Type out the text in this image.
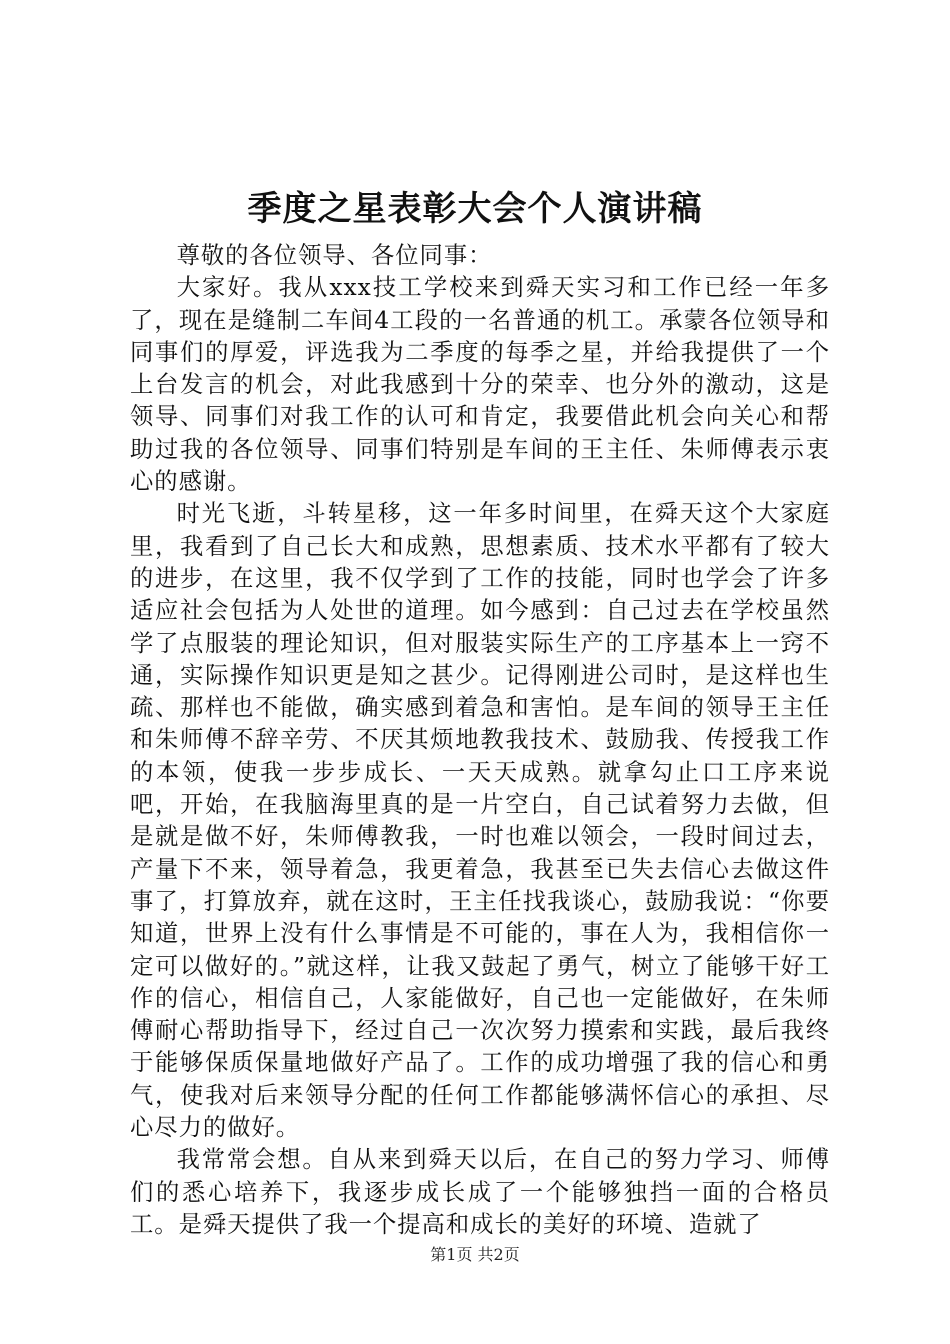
季度之星表彰大会个人演讲稿

尊敬的各位领导、各位同事：

大家好。我从xxx技工学校来到舜天实习和工作已经一年多了，现在是缝制二车间4工段的一名普通的机工。承蒙各位领导和同事们的厚爱，评选我为二季度的每季之星，并给我提供了一个上台发言的机会，对此我感到十分的荣幸、也分外的激动，这是领导、同事们对我工作的认可和肯定，我要借此机会向关心和帮助过我的各位领导、同事们特别是车间的王主任、朱师傅表示衷心的感谢。

时光飞逝，斗转星移，这一年多时间里，在舜天这个大家庭里，我看到了自己长大和成熟，思想素质、技术水平都有了较大的进步，在这里，我不仅学到了工作的技能，同时也学会了许多适应社会包括为人处世的道理。如今感到：自己过去在学校虽然学了点服装的理论知识，但对服装实际生产的工序基本上一窍不通，实际操作知识更是知之甚少。记得刚进公司时，是这样也生疏、那样也不能做，确实感到着急和害怕。是车间的领导王主任和朱师傅不辞辛劳、不厌其烦地教我技术、鼓励我、传授我工作的本领，使我一步步成长、一天天成熟。就拿勾止口工序来说吧，开始，在我脑海里真的是一片空白，自己试着努力去做，但是就是做不好，朱师傅教我，一时也难以领会，一段时间过去，产量下不来，领导着急，我更着急，我甚至已失去信心去做这件事了，打算放弃，就在这时，王主任找我谈心，鼓励我说：“你要知道，世界上没有什么事情是不可能的，事在人为，我相信你一定可以做好的。”就这样，让我又鼓起了勇气，树立了能够干好工作的信心，相信自己，人家能做好，自己也一定能做好，在朱师傅耐心帮助指导下，经过自己一次次努力摸索和实践，最后我终于能够保质保量地做好产品了。工作的成功增强了我的信心和勇气，使我对后来领导分配的任何工作都能够满怀信心的承担、尽心尽力的做好。

我常常会想。自从来到舜天以后，在自己的努力学习、师傅们的悉心培养下，我逐步成长成了一个能够独挡一面的合格员工。是舜天提供了我一个提高和成长的美好的环境、造就了

第1页 共2页
